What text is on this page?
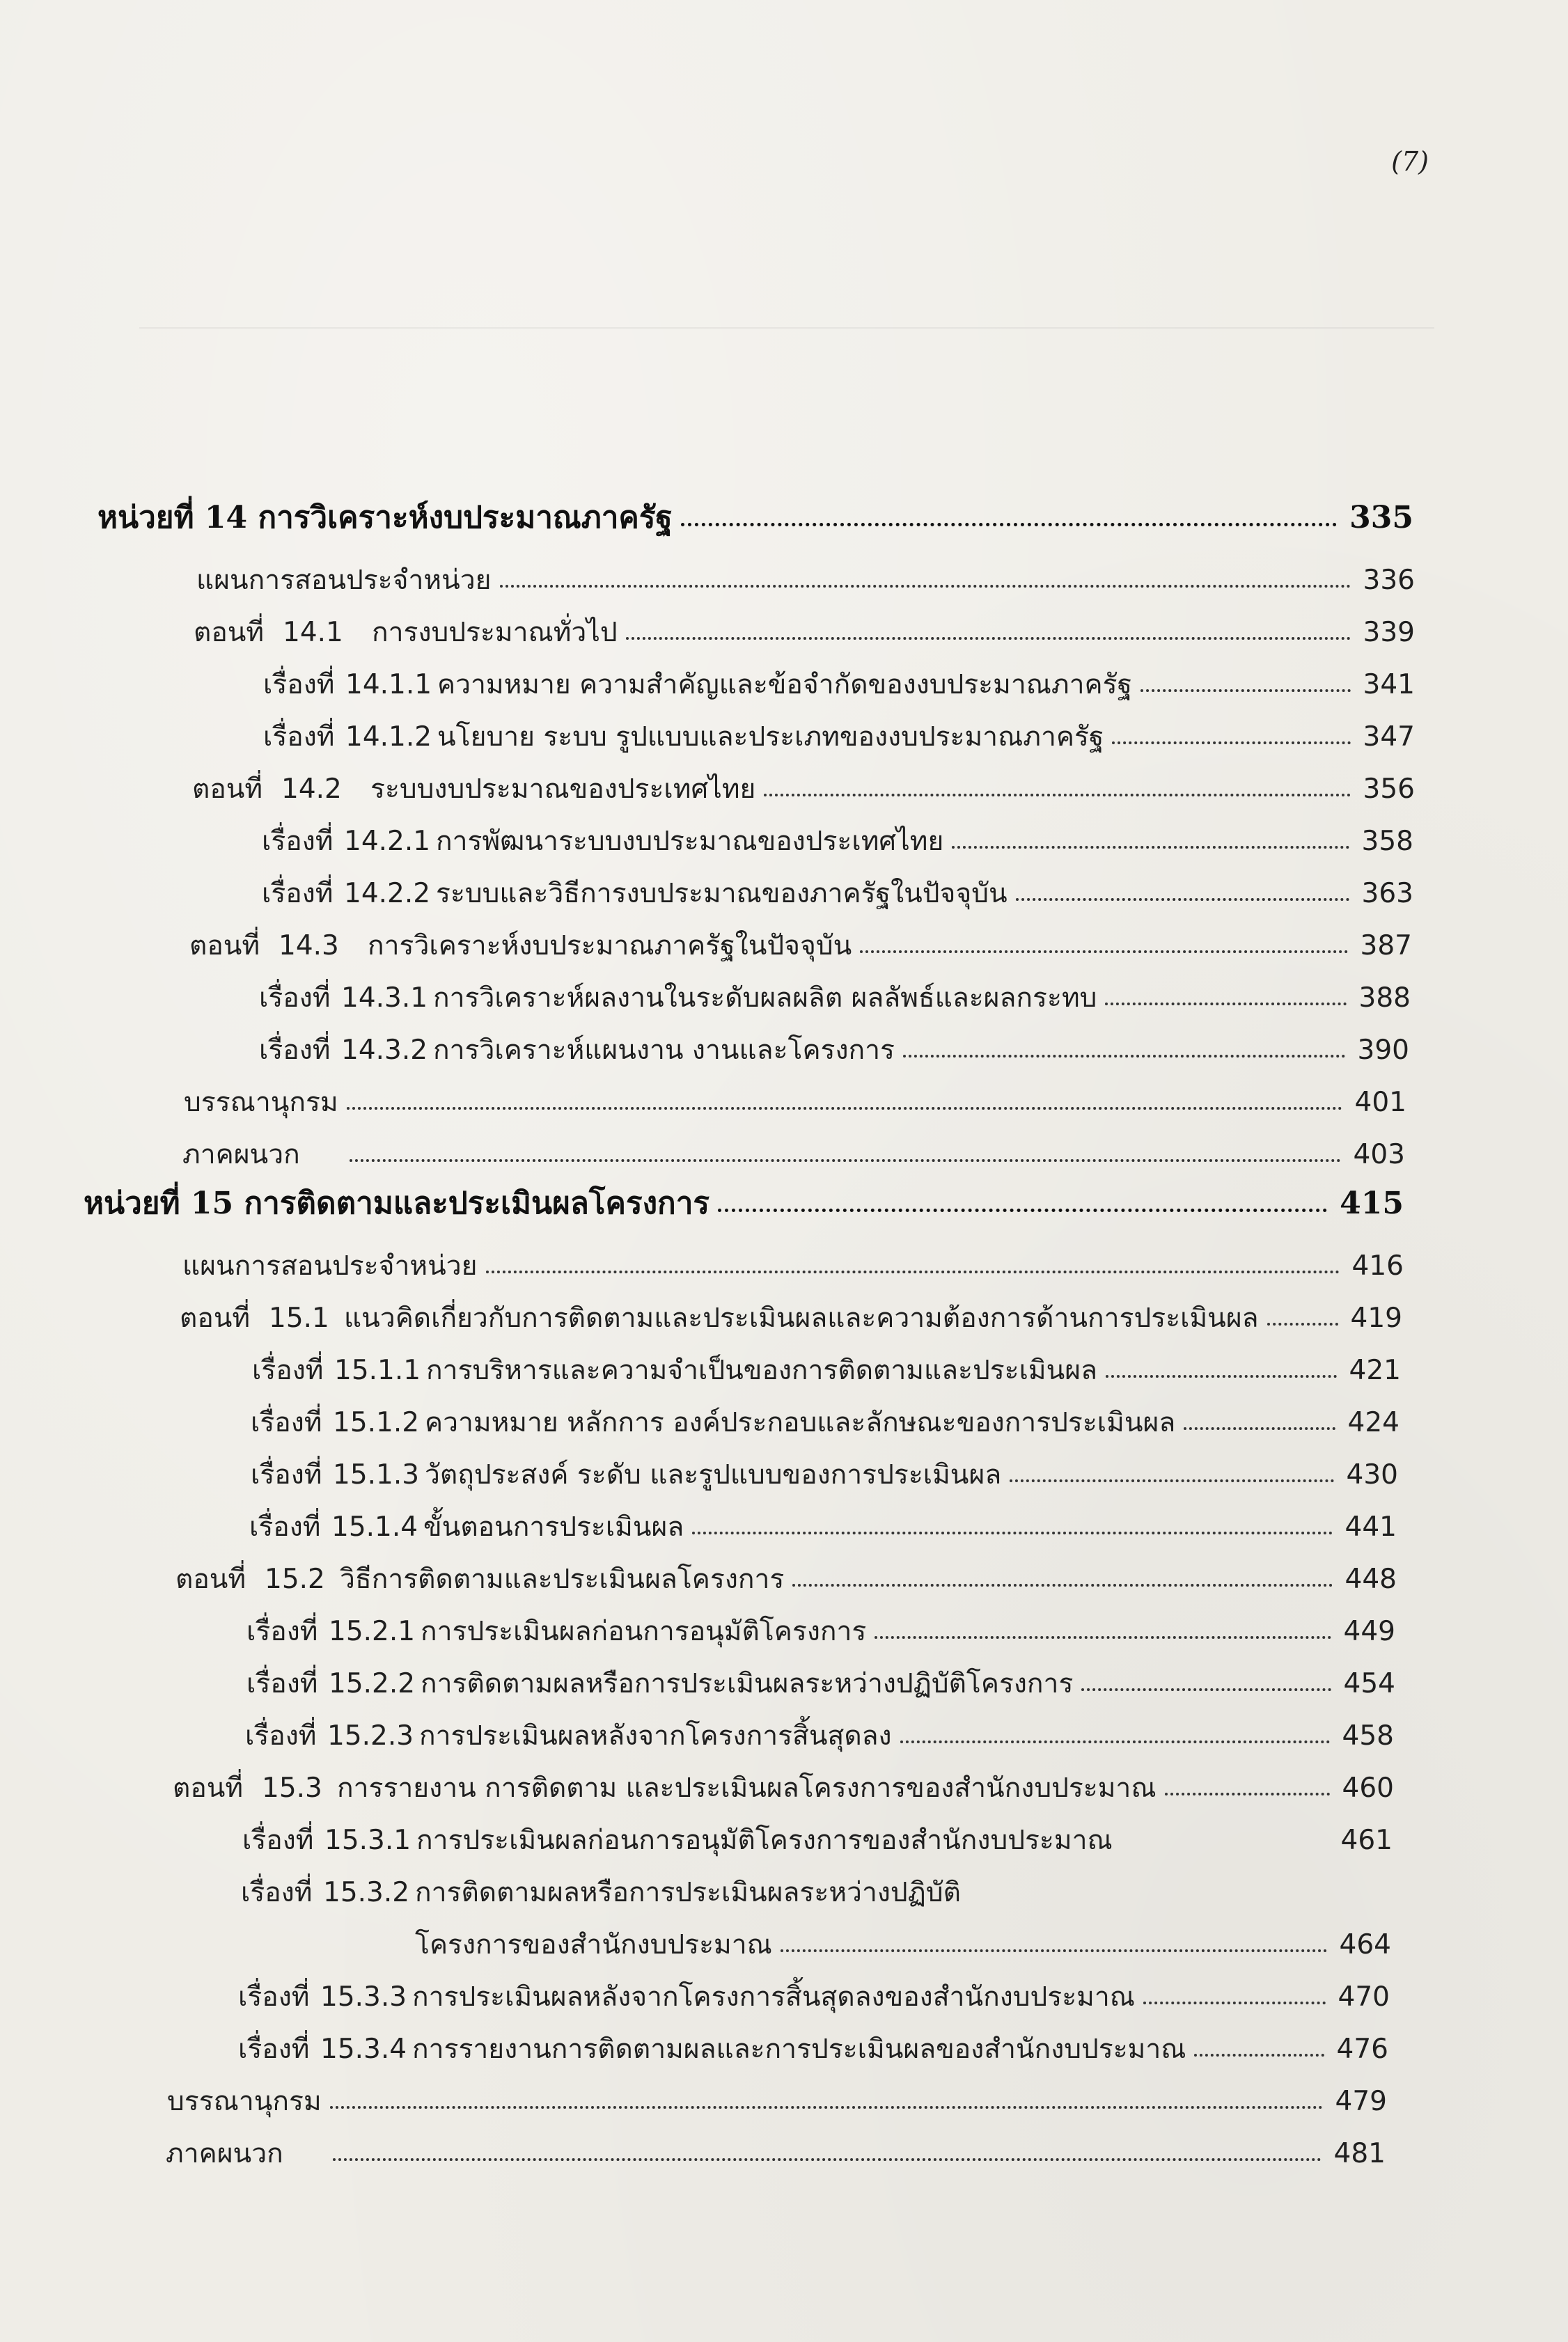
(7)
หน่วยที่ 14 การวิเคราะห์งบประมาณภาครัฐ	335
แผนการสอนประจำหน่วย	336
ตอนที่ 14.1	การงบประมาณทั่วไป	339
เรื่องที่ 14.1.1 ความหมาย ความสำคัญและข้อจำกัดของงบประมาณภาครัฐ	341
เรื่องที่ 14.1.2 นโยบาย ระบบ รูปแบบและประเภทของงบประมาณภาครัฐ	347
ตอนที่ 14.2	ระบบงบประมาณของประเทศไทย	356
เรื่องที่ 14.2.1 การพัฒนาระบบงบประมาณของประเทศไทย	358
เรื่องที่ 14.2.2 ระบบและวิธีการงบประมาณของภาครัฐในปัจจุบัน	363
ตอนที่ 14.3	การวิเคราะห์งบประมาณภาครัฐในปัจจุบัน	387
เรื่องที่ 14.3.1 การวิเคราะห์ผลงานในระดับผลผลิต ผลลัพธ์และผลกระทบ	388
เรื่องที่ 14.3.2 การวิเคราะห์แผนงาน งานและโครงการ	390
บรรณานุกรม	401
ภาคผนวก	403
หน่วยที่ 15 การติดตามและประเมินผลโครงการ	415
แผนการสอนประจำหน่วย	416
ตอนที่ 15.1 แนวคิดเกี่ยวกับการติดตามและประเมินผลและความต้องการด้านการประเมินผล	419
เรื่องที่ 15.1.1 การบริหารและความจำเป็นของการติดตามและประเมินผล	421
เรื่องที่ 15.1.2 ความหมาย หลักการ องค์ประกอบและลักษณะของการประเมินผล	424
เรื่องที่ 15.1.3 วัตถุประสงค์ ระดับ และรูปแบบของการประเมินผล	430
เรื่องที่ 15.1.4 ขั้นตอนการประเมินผล	441
ตอนที่ 15.2 วิธีการติดตามและประเมินผลโครงการ	448
เรื่องที่ 15.2.1 การประเมินผลก่อนการอนุมัติโครงการ	449
เรื่องที่ 15.2.2 การติดตามผลหรือการประเมินผลระหว่างปฏิบัติโครงการ	454
เรื่องที่ 15.2.3 การประเมินผลหลังจากโครงการสิ้นสุดลง	458
ตอนที่ 15.3 การรายงาน การติดตาม และประเมินผลโครงการของสำนักงบประมาณ	460
เรื่องที่ 15.3.1 การประเมินผลก่อนการอนุมัติโครงการของสำนักงบประมาณ	461
เรื่องที่ 15.3.2 การติดตามผลหรือการประเมินผลระหว่างปฏิบัติ
โครงการของสำนักงบประมาณ	464
เรื่องที่ 15.3.3 การประเมินผลหลังจากโครงการสิ้นสุดลงของสำนักงบประมาณ	470
เรื่องที่ 15.3.4 การรายงานการติดตามผลและการประเมินผลของสำนักงบประมาณ	476
บรรณานุกรม	479
ภาคผนวก	481
